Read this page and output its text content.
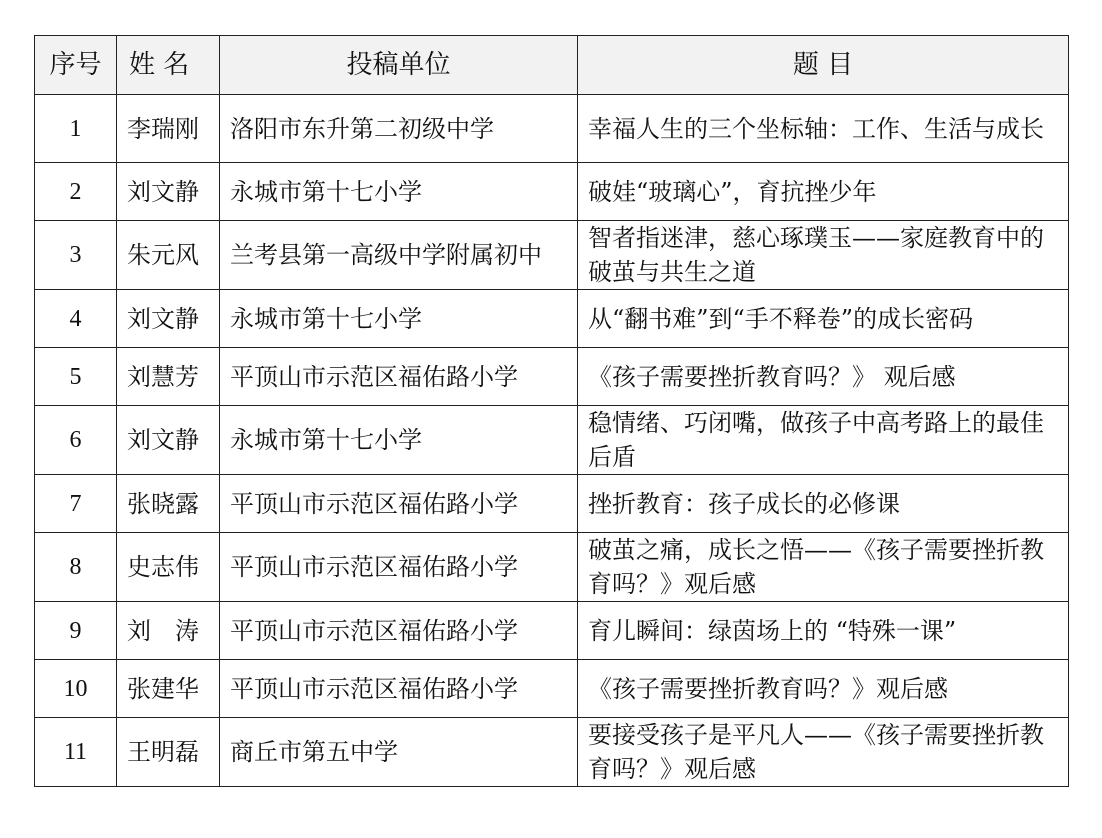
序号	姓 名	投稿单位	题 目
1	李瑞刚	洛阳市东升第二初级中学	幸福人生的三个坐标轴：工作、生活与成长
2	刘文静	永城市第十七小学	破娃“玻璃心”，育抗挫少年
3	朱元风	兰考县第一高级中学附属初中	智者指迷津，慈心琢璞玉——家庭教育中的破茧与共生之道
4	刘文静	永城市第十七小学	从“翻书难”到“手不释卷”的成长密码
5	刘慧芳	平顶山市示范区福佑路小学	《孩子需要挫折教育吗？》 观后感
6	刘文静	永城市第十七小学	稳情绪、巧闭嘴，做孩子中高考路上的最佳后盾
7	张晓露	平顶山市示范区福佑路小学	挫折教育：孩子成长的必修课
8	史志伟	平顶山市示范区福佑路小学	破茧之痛，成长之悟——《孩子需要挫折教育吗？》观后感
9	刘　涛	平顶山市示范区福佑路小学	育儿瞬间：绿茵场上的 “特殊一课”
10	张建华	平顶山市示范区福佑路小学	《孩子需要挫折教育吗？》观后感
11	王明磊	商丘市第五中学	要接受孩子是平凡人——《孩子需要挫折教育吗？》观后感
